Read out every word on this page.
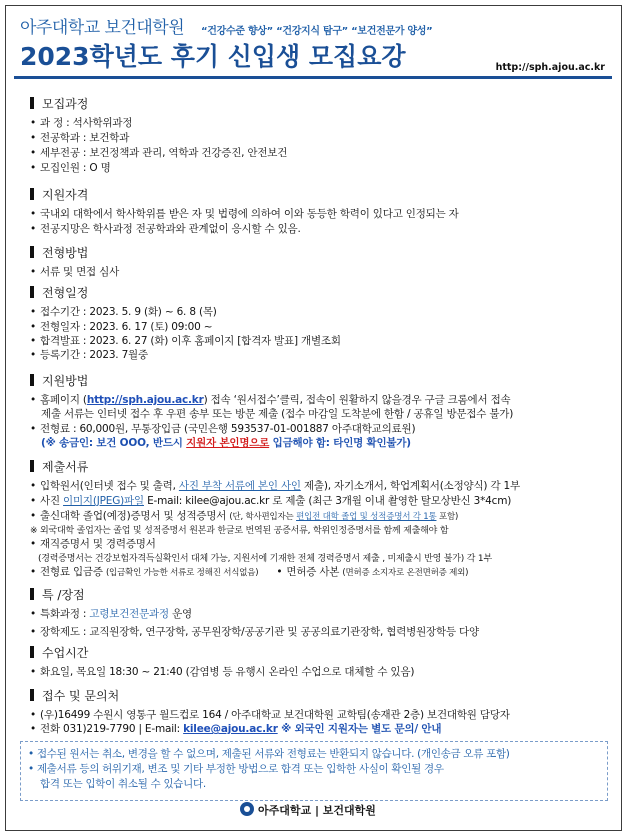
아주대학교 보건대학원 “건강수준 향상” “건강지식 탐구” “보건전문가 양성”
2023학년도 후기 신입생 모집요강	http://sph.ajou.ac.kr
모집과정
• 과 정 : 석사학위과정
• 전공학과 : 보건학과
• 세부전공 : 보건정책과 관리, 역학과 건강증진, 안전보건
• 모집인원 : O 명
지원자격
• 국내외 대학에서 학사학위를 받은 자 및 법령에 의하여 이와 동등한 학력이 있다고 인정되는 자
• 전공지망은 학사과정 전공학과와 관계없이 응시할 수 있음.
전형방법
• 서류 및 면접 심사
전형일정
• 접수기간 : 2023. 5. 9 (화) ~ 6. 8 (목)
• 전형일자 : 2023. 6. 17 (토) 09:00 ~
• 합격발표 : 2023. 6. 27 (화) 이후 홈페이지 [합격자 발표] 개별조회
• 등록기간 : 2023. 7월중
지원방법
• 홈페이지 (http://sph.ajou.ac.kr) 접속 ‘원서접수’클릭, 접속이 원활하지 않을경우 구글 크롬에서 접속
제출 서류는 인터넷 접수 후 우편 송부 또는 방문 제출 (접수 마감일 도착분에 한함 / 공휴일 방문접수 불가)
• 전형료 : 60,000원, 무통장입금 (국민은행 593537-01-001887 아주대학교의료원)
(※ 송금인: 보건 OOO, 반드시 지원자 본인명으로 입금해야 함: 타인명 확인불가)
제출서류
• 입학원서(인터넷 접수 및 출력, 사진 부착 서류에 본인 사인 제출), 자기소개서, 학업계획서(소정양식) 각 1부
• 사진 이미지(JPEG)파일 E-mail: kilee@ajou.ac.kr 로 제출 (최근 3개월 이내 촬영한 탈모상반신 3*4cm)
• 출신대학 졸업(예정)증명서 및 성적증명서 (단, 학사편입자는 편입전 대학 졸업 및 성적증명서 각 1통 포함)
※ 외국대학 졸업자는 졸업 및 성적증명서 원본과 한글로 번역된 공증서류, 학위인정증명서를 함께 제출해야 함
• 재직증명서 및 경력증명서
(경력증명서는 건강보험자격득실확인서 대체 가능, 지원서에 기재한 전체 경력증명서 제출 , 미제출시 반영 불가) 각 1부
• 전형료 입금증 (입금확인 가능한 서류로 정해진 서식없음) • 면허증 사본 (면허증 소지자로 온전면허증 제외)
특 /장점
• 특화과정 : 고령보건전문과정 운영
• 장학제도 : 교직원장학, 연구장학, 공무원장학/공공기관 및 공공의료기관장학, 협력병원장학등 다양
수업시간
• 화요일, 목요일 18:30 ~ 21:40 (감염병 등 유행시 온라인 수업으로 대체할 수 있음)
접수 및 문의처
• (우)16499 수원시 영통구 월드컵로 164 / 아주대학교 보건대학원 교학팀(송재관 2층) 보건대학원 담당자
• 전화 031)219-7790 | E-mail: kilee@ajou.ac.kr ※ 외국인 지원자는 별도 문의/ 안내
• 접수된 원서는 취소, 변경을 할 수 없으며, 제출된 서류와 전형료는 반환되지 않습니다. (개인송금 오류 포함)
• 제출서류 등의 허위기재, 변조 및 기타 부정한 방법으로 합격 또는 입학한 사실이 확인될 경우
합격 또는 입학이 취소될 수 있습니다.
아주대학교 | 보건대학원
